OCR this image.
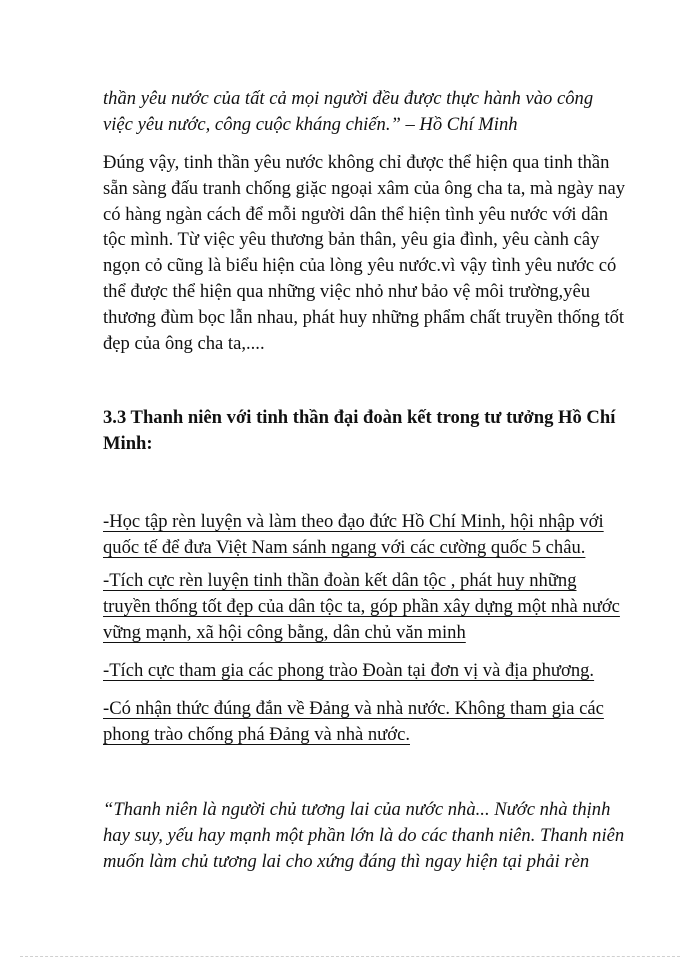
thần yêu nước của tất cả mọi người đều được thực hành vào công
việc yêu nước, công cuộc kháng chiến.” – Hồ Chí Minh

Đúng vậy, tinh thần yêu nước không chỉ được thể hiện qua tinh thần
sẵn sàng đấu tranh chống giặc ngoại xâm của ông cha ta, mà ngày nay
có hàng ngàn cách để mỗi người dân thể hiện tình yêu nước với dân
tộc mình. Từ việc yêu thương bản thân, yêu gia đình, yêu cành cây
ngọn cỏ cũng là biểu hiện của lòng yêu nước.vì vậy tình yêu nước có
thể được thể hiện qua những việc nhỏ như bảo vệ môi trường,yêu
thương đùm bọc lẫn nhau, phát huy những phẩm chất truyền thống tốt
đẹp của ông cha ta,....

3.3 Thanh niên với tinh thần đại đoàn kết trong tư tưởng Hồ Chí
Minh:

-Học tập rèn luyện và làm theo đạo đức Hồ Chí Minh, hội nhập với
quốc tế để đưa Việt Nam sánh ngang với các cường quốc 5 châu.

-Tích cực rèn luyện tinh thần đoàn kết dân tộc , phát huy những
truyền thống tốt đẹp của dân tộc ta, góp phần xây dựng một nhà nước
vững mạnh, xã hội công bằng, dân chủ văn minh

-Tích cực tham gia các phong trào Đoàn tại đơn vị và địa phương.

-Có nhận thức đúng đắn về Đảng và nhà nước. Không tham gia các
phong trào chống phá Đảng và nhà nước.

“Thanh niên là người chủ tương lai của nước nhà... Nước nhà thịnh
hay suy, yếu hay mạnh một phần lớn là do các thanh niên. Thanh niên
muốn làm chủ tương lai cho xứng đáng thì ngay hiện tại phải rèn
